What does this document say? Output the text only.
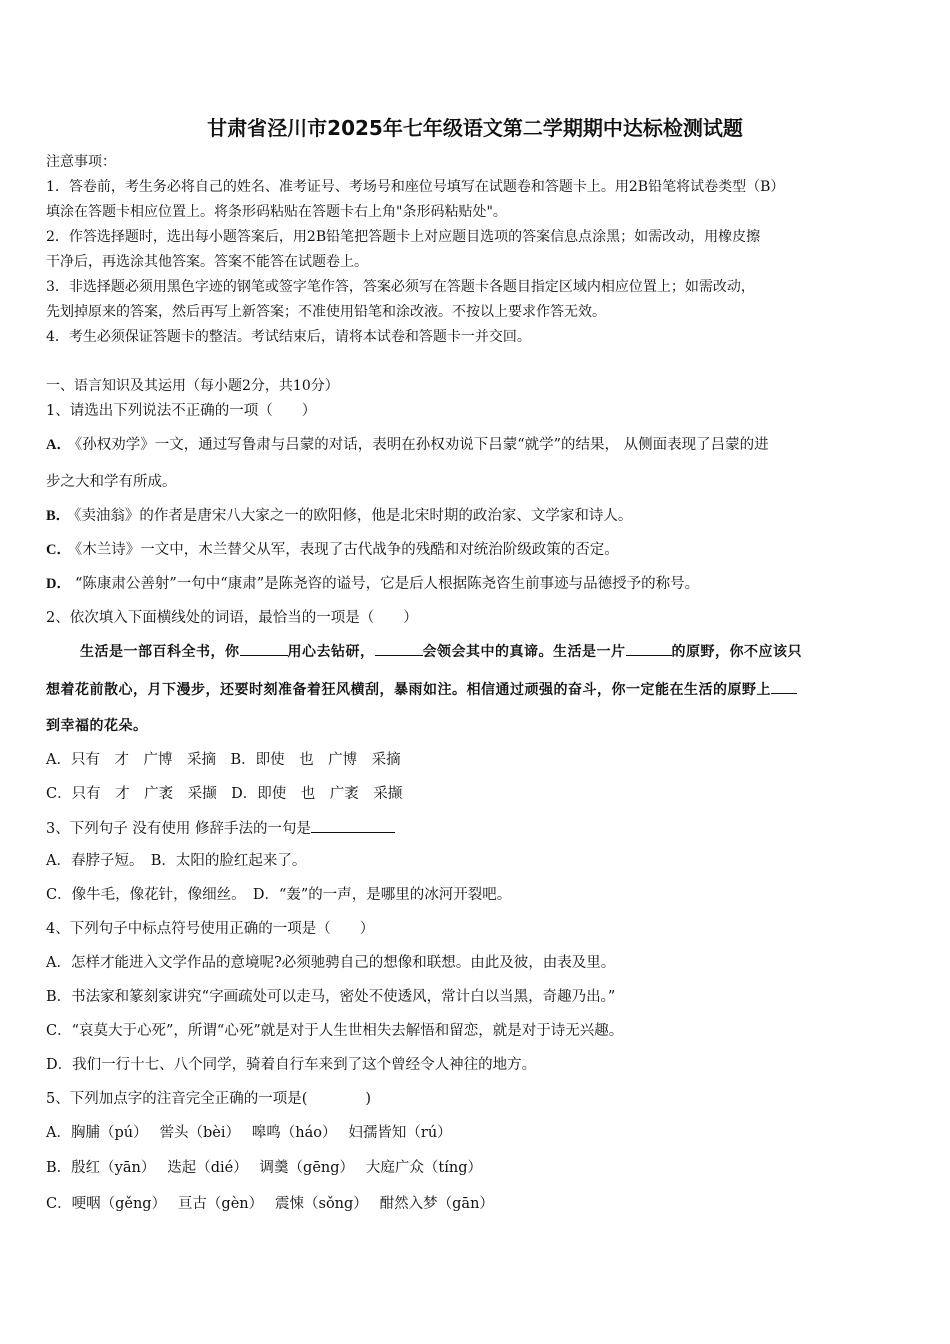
甘肃省泾川市2025年七年级语文第二学期期中达标检测试题
注意事项：
1．答卷前，考生务必将自己的姓名、准考证号、考场号和座位号填写在试题卷和答题卡上。用2B铅笔将试卷类型（B）
填涂在答题卡相应位置上。将条形码粘贴在答题卡右上角"条形码粘贴处"。
2．作答选择题时，选出每小题答案后，用2B铅笔把答题卡上对应题目选项的答案信息点涂黑；如需改动，用橡皮擦
干净后，再选涂其他答案。答案不能答在试题卷上。
3．非选择题必须用黑色字迹的钢笔或签字笔作答，答案必须写在答题卡各题目指定区域内相应位置上；如需改动，
先划掉原来的答案，然后再写上新答案；不准使用铅笔和涂改液。不按以上要求作答无效。
4．考生必须保证答题卡的整洁。考试结束后，请将本试卷和答题卡一并交回。
一、语言知识及其运用（每小题2分，共10分）
1、请选出下列说法不正确的一项（　　）
A． 《孙权劝学》一文，通过写鲁肃与吕蒙的对话，表明在孙权劝说下吕蒙“就学”的结果， 从侧面表现了吕蒙的进
步之大和学有所成。
B． 《卖油翁》的作者是唐宋八大家之一的欧阳修，他是北宋时期的政治家、文学家和诗人。
C． 《木兰诗》一文中，木兰替父从军，表现了古代战争的残酷和对统治阶级政策的否定。
D． “陈康肃公善射”一句中“康肃”是陈尧咨的谥号，它是后人根据陈尧咨生前事迹与品德授予的称号。
2、依次填入下面横线处的词语，最恰当的一项是（　　）
生活是一部百科全书，你	用心去钻研，	会领会其中的真谛。生活是一片	的原野，你不应该只
想着花前散心，月下漫步，还要时刻准备着狂风横刮，暴雨如注。相信通过顽强的奋斗，你一定能在生活的原野上
到幸福的花朵。
A．只有　才　广博　采摘　B．即使　也　广博　采摘
C．只有　才　广袤　采撷　D．即使　也　广袤　采撷
3、下列句子 没有使用 修辞手法的一句是
A．春脖子短。　B．太阳的脸红起来了。
C．像牛毛，像花针，像细丝。　D．“轰”的一声，是哪里的冰河开裂吧。
4、下列句子中标点符号使用正确的一项是（　　）
A．怎样才能进入文学作品的意境呢?必须驰骋自己的想像和联想。由此及彼，由表及里。
B．书法家和篆刻家讲究“字画疏处可以走马，密处不使透风，常计白以当黑，奇趣乃出。”
C．“哀莫大于心死”，所谓“心死”就是对于人生世相失去解悟和留恋，就是对于诗无兴趣。
D．我们一行十七、八个同学，骑着自行车来到了这个曾经令人神往的地方。
5、下列加点字的注音完全正确的一项是(　　　　)
A．胸脯（pú）　 喾头（bèi）　 嗥鸣（háo）　 妇孺皆知（rú）
B．殷红（yān）　 迭起（dié）　 调羹（gēng）　 大庭广众（tíng）
C．哽咽（gěng）　 亘古（gèn）　 震悚（sǒng）　 酣然入梦（gān）
